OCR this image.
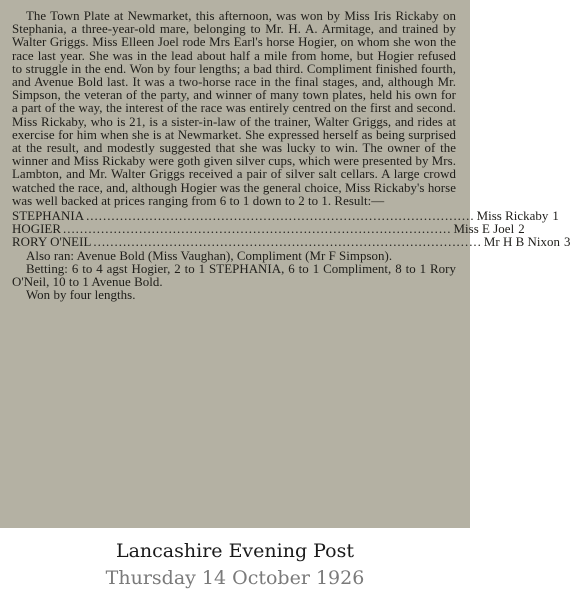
The Town Plate at Newmarket, this afternoon, was won by Miss Iris Rickaby on Stephania, a three-year-old mare, belonging to Mr. H. A. Armitage, and trained by Walter Griggs. Miss Elleen Joel rode Mrs Earl's horse Hogier, on whom she won the race last year. She was in the lead about half a mile from home, but Hogier refused to struggle in the end. Won by four lengths; a bad third. Compliment finished fourth, and Avenue Bold last. It was a two-horse race in the final stages, and, although Mr. Simpson, the veteran of the party, and winner of many town plates, held his own for a part of the way, the interest of the race was entirely centred on the first and second. Miss Rickaby, who is 21, is a sister-in-law of the trainer, Walter Griggs, and rides at exercise for him when she is at Newmarket. She expressed herself as being surprised at the result, and modestly suggested that she was lucky to win. The owner of the winner and Miss Rickaby were goth given silver cups, which were presented by Mrs. Lambton, and Mr. Walter Griggs received a pair of silver salt cellars. A large crowd watched the race, and, although Hogier was the general choice, Miss Rickaby's horse was well backed at prices ranging from 6 to 1 down to 2 to 1. Result:—

STEPHANIA ............................................................................................ Miss Rickaby 1
HOGIER ............................................................................................ Miss E Joel 2
RORY O'NEIL ............................................................................................ Mr H B Nixon 3

Also ran: Avenue Bold (Miss Vaughan), Compliment (Mr F Simpson).

Betting: 6 to 4 agst Hogier, 2 to 1 STEPHANIA, 6 to 1 Compliment, 8 to 1 Rory O'Neil, 10 to 1 Avenue Bold.

Won by four lengths.

Lancashire Evening Post
Thursday 14 October 1926
